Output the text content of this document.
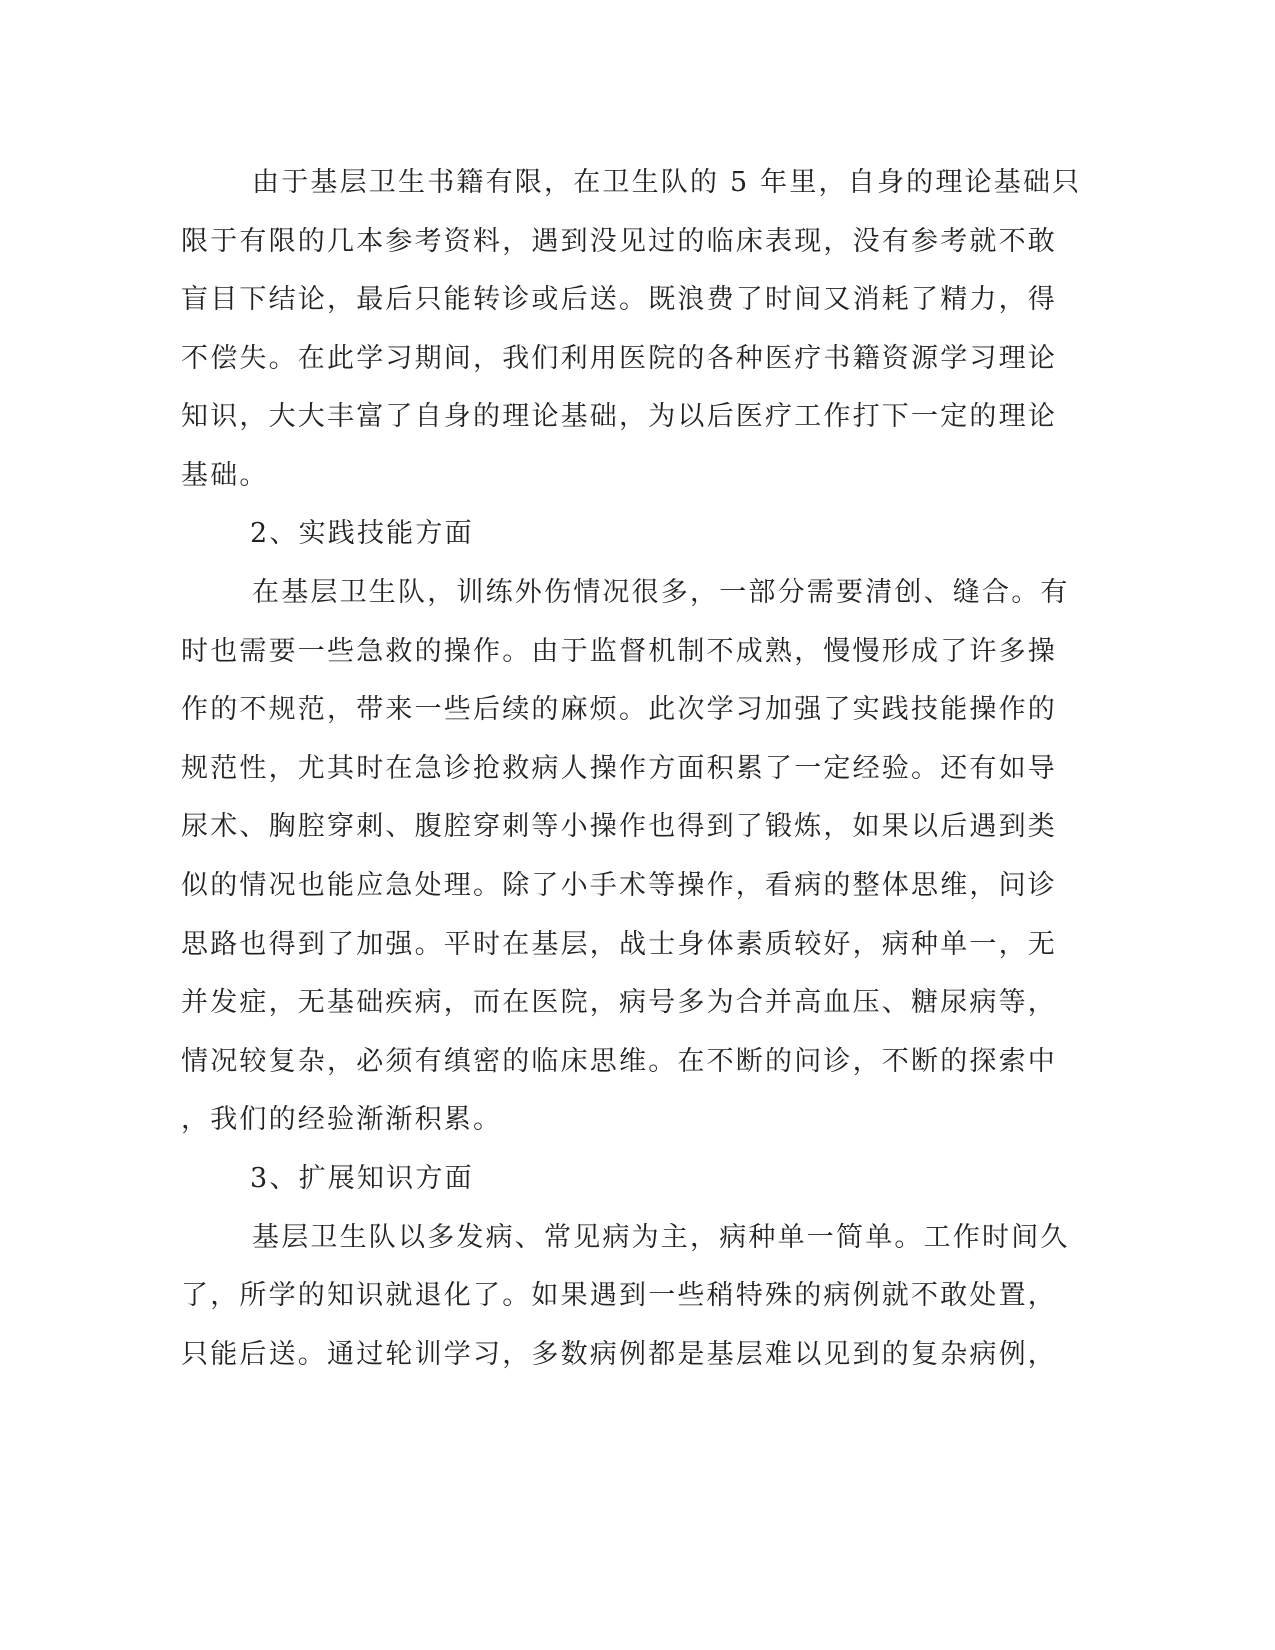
由于基层卫生书籍有限，在卫生队的 5 年里，自身的理论基础只
限于有限的几本参考资料，遇到没见过的临床表现，没有参考就不敢
盲目下结论，最后只能转诊或后送。既浪费了时间又消耗了精力，得
不偿失。在此学习期间，我们利用医院的各种医疗书籍资源学习理论
知识，大大丰富了自身的理论基础，为以后医疗工作打下一定的理论
基础。
2、实践技能方面
在基层卫生队，训练外伤情况很多，一部分需要清创、缝合。有
时也需要一些急救的操作。由于监督机制不成熟，慢慢形成了许多操
作的不规范，带来一些后续的麻烦。此次学习加强了实践技能操作的
规范性，尤其时在急诊抢救病人操作方面积累了一定经验。还有如导
尿术、胸腔穿刺、腹腔穿刺等小操作也得到了锻炼，如果以后遇到类
似的情况也能应急处理。除了小手术等操作，看病的整体思维，问诊
思路也得到了加强。平时在基层，战士身体素质较好，病种单一，无
并发症，无基础疾病，而在医院，病号多为合并高血压、糖尿病等，
情况较复杂，必须有缜密的临床思维。在不断的问诊，不断的探索中
，我们的经验渐渐积累。
3、扩展知识方面
基层卫生队以多发病、常见病为主，病种单一简单。工作时间久
了，所学的知识就退化了。如果遇到一些稍特殊的病例就不敢处置，
只能后送。通过轮训学习，多数病例都是基层难以见到的复杂病例，
